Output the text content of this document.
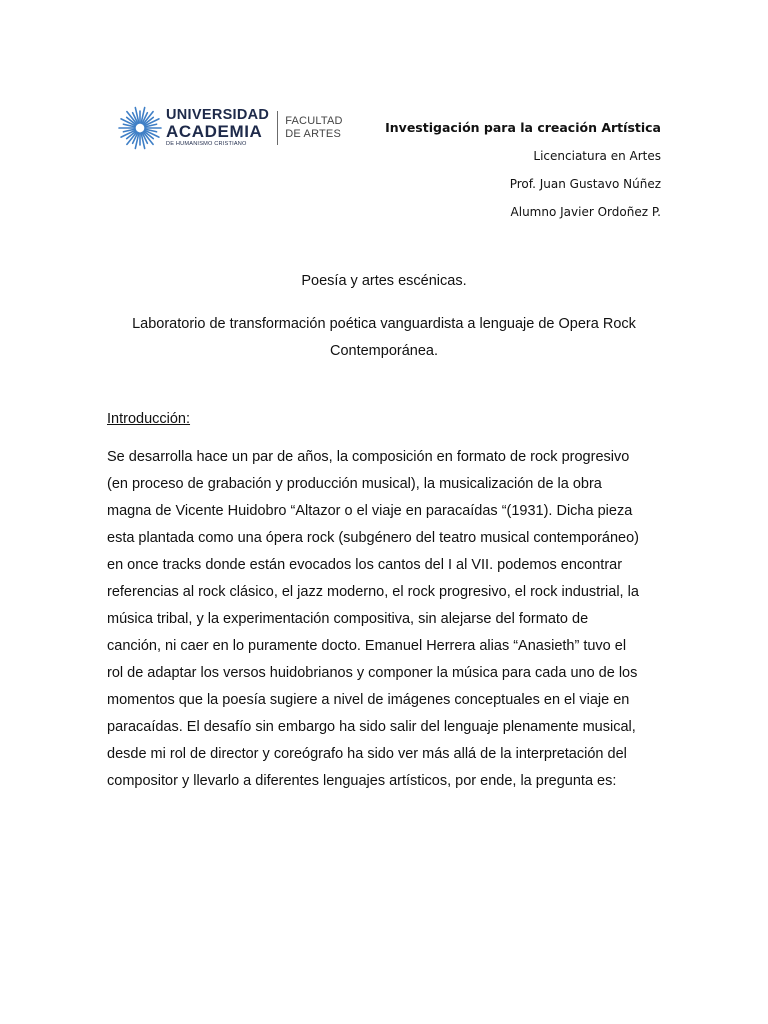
UNIVERSIDAD
ACADEMIA
DE HUMANISMO CRISTIANO
FACULTAD
DE ARTES	Investigación para la creación Artística
Licenciatura en Artes
Prof. Juan Gustavo Núñez
Alumno Javier Ordoñez P.
Poesía y artes escénicas.
Laboratorio de transformación poética vanguardista a lenguaje de Opera Rock
Contemporánea.
Introducción:
Se desarrolla hace un par de años, la composición en formato de rock progresivo
(en proceso de grabación y producción musical), la musicalización de la obra
magna de Vicente Huidobro “Altazor o el viaje en paracaídas “(1931). Dicha pieza
esta plantada como una ópera rock (subgénero del teatro musical contemporáneo)
en once tracks donde están evocados los cantos del I al VII. podemos encontrar
referencias al rock clásico, el jazz moderno, el rock progresivo, el rock industrial, la
música tribal, y la experimentación compositiva, sin alejarse del formato de
canción, ni caer en lo puramente docto. Emanuel Herrera alias “Anasieth” tuvo el
rol de adaptar los versos huidobrianos y componer la música para cada uno de los
momentos que la poesía sugiere a nivel de imágenes conceptuales en el viaje en
paracaídas. El desafío sin embargo ha sido salir del lenguaje plenamente musical,
desde mi rol de director y coreógrafo ha sido ver más allá de la interpretación del
compositor y llevarlo a diferentes lenguajes artísticos, por ende, la pregunta es:
